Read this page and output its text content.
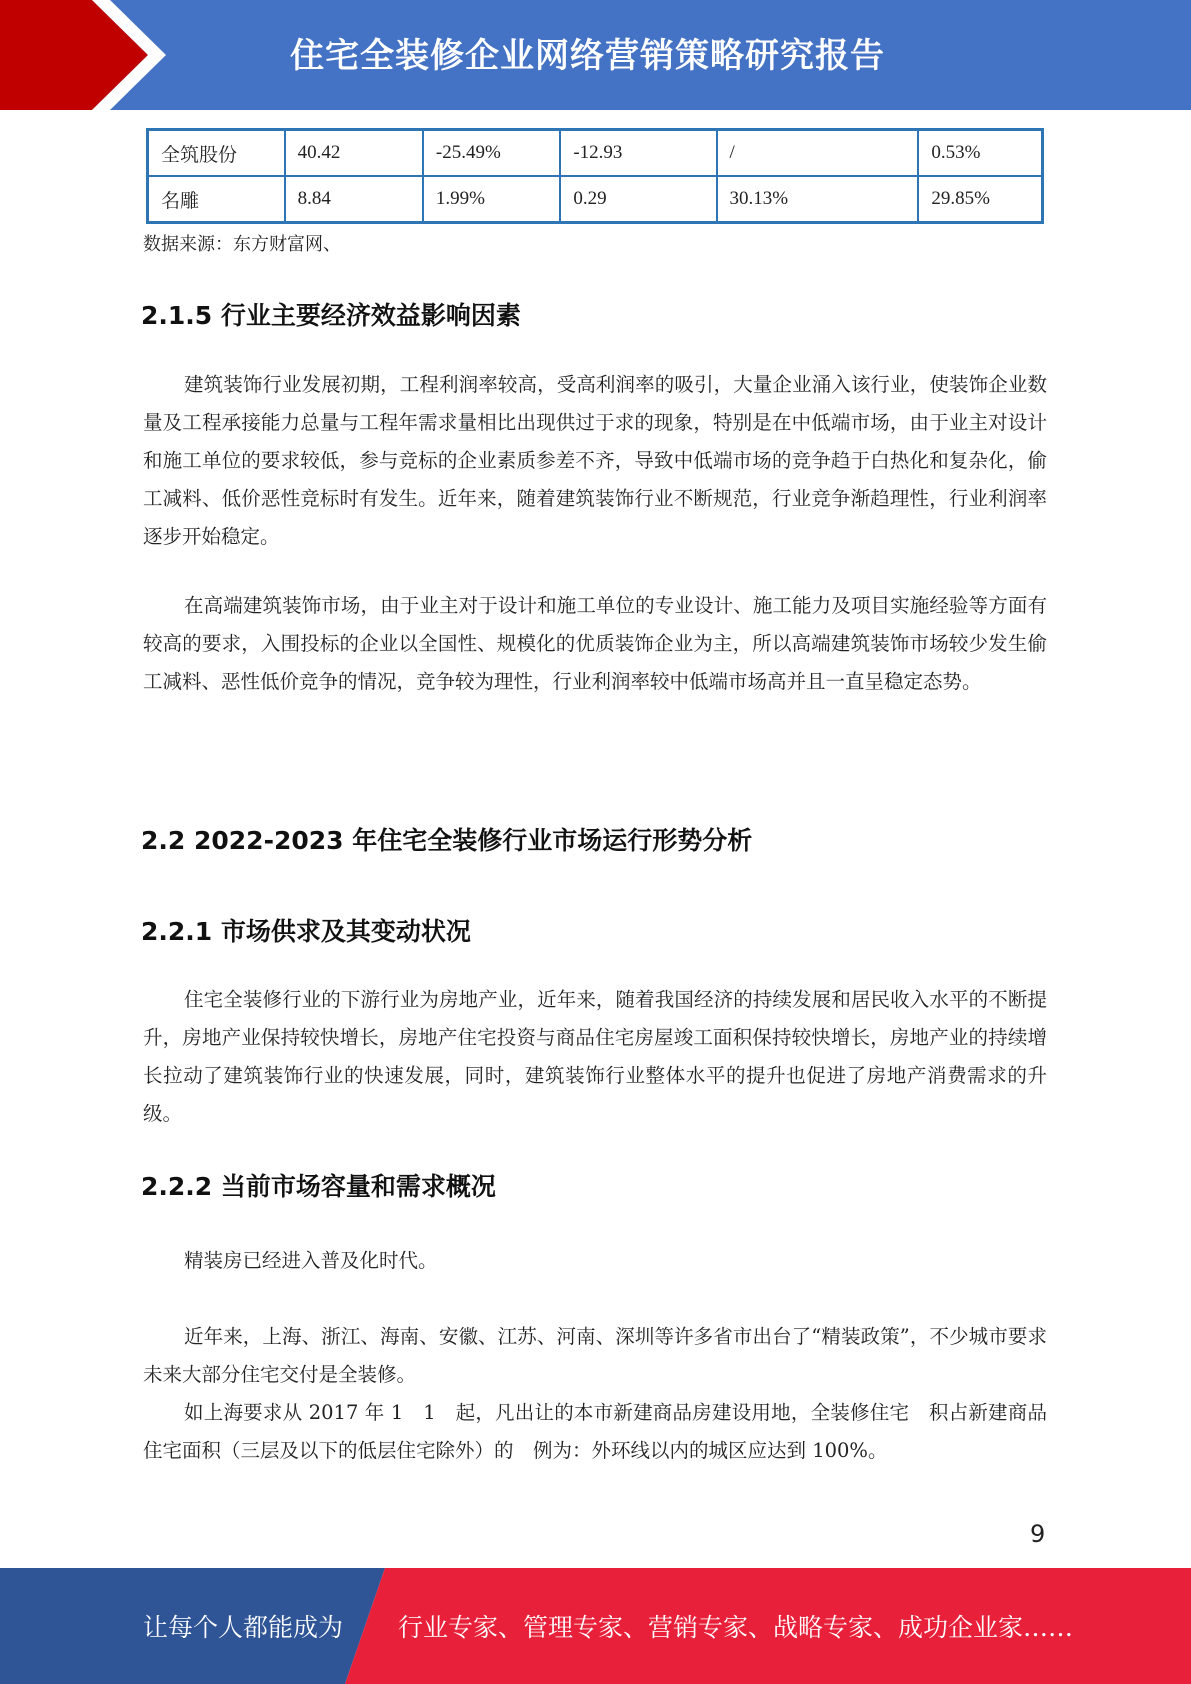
住宅全装修企业网络营销策略研究报告
全筑股份	40.42	-25.49%	-12.93	/	0.53%
名雕	8.84	1.99%	0.29	30.13%	29.85%
数据来源：东方财富网、
2.1.5 行业主要经济效益影响因素

建筑装饰行业发展初期，工程利润率较高，受高利润率的吸引，大量企业涌入该行业，使装饰企业数量及工程承接能力总量与工程年需求量相比出现供过于求的现象，特别是在中低端市场，由于业主对设计和施工单位的要求较低，参与竞标的企业素质参差不齐，导致中低端市场的竞争趋于白热化和复杂化，偷工减料、低价恶性竞标时有发生。近年来，随着建筑装饰行业不断规范，行业竞争渐趋理性，行业利润率逐步开始稳定。

在高端建筑装饰市场，由于业主对于设计和施工单位的专业设计、施工能力及项目实施经验等方面有较高的要求，入围投标的企业以全国性、规模化的优质装饰企业为主，所以高端建筑装饰市场较少发生偷工减料、恶性低价竞争的情况，竞争较为理性，行业利润率较中低端市场高并且一直呈稳定态势。

2.2 2022-2023 年住宅全装修行业市场运行形势分析
2.2.1 市场供求及其变动状况

住宅全装修行业的下游行业为房地产业，近年来，随着我国经济的持续发展和居民收入水平的不断提升，房地产业保持较快增长，房地产住宅投资与商品住宅房屋竣工面积保持较快增长，房地产业的持续增长拉动了建筑装饰行业的快速发展，同时，建筑装饰行业整体水平的提升也促进了房地产消费需求的升级。

2.2.2 当前市场容量和需求概况

精装房已经进入普及化时代。

近年来，上海、浙江、海南、安徽、江苏、河南、深圳等许多省市出台了“精装政策”，不少城市要求未来大部分住宅交付是全装修。

如上海要求从 2017 年 1　1　起，凡出让的本市新建商品房建设用地，全装修住宅　积占新建商品住宅面积（三层及以下的低层住宅除外）的　例为：外环线以内的城区应达到 100%。

9
让每个人都能成为 行业专家、管理专家、营销专家、战略专家、成功企业家……
